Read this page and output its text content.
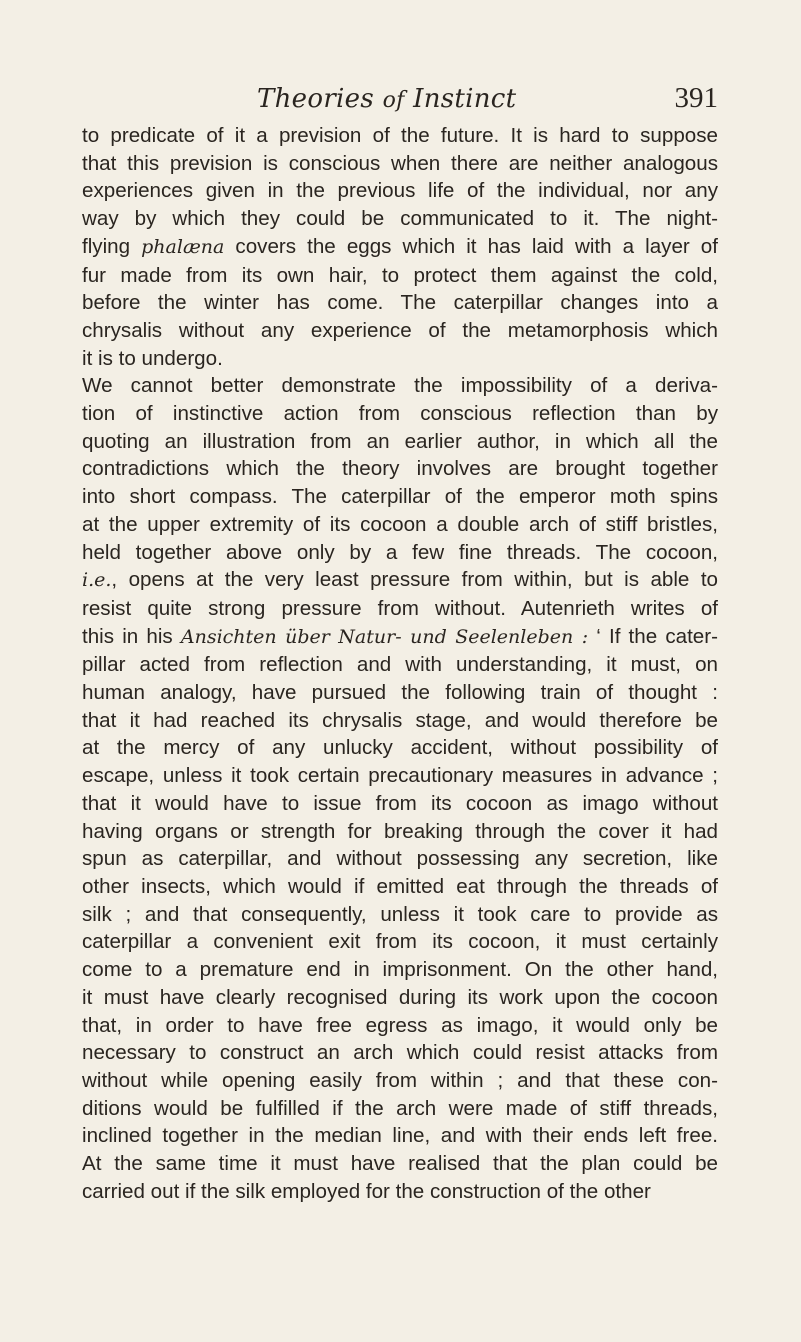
Theories of Instinct	391
to predicate of it a prevision of the future. It is hard to suppose
that this prevision is conscious when there are neither analogous
experiences given in the previous life of the individual, nor any
way by which they could be communicated to it. The night-
flying phalæna covers the eggs which it has laid with a layer of
fur made from its own hair, to protect them against the cold,
before the winter has come. The caterpillar changes into a
chrysalis without any experience of the metamorphosis which
it is to undergo.
We cannot better demonstrate the impossibility of a deriva-
tion of instinctive action from conscious reflection than by
quoting an illustration from an earlier author, in which all the
contradictions which the theory involves are brought together
into short compass. The caterpillar of the emperor moth spins
at the upper extremity of its cocoon a double arch of stiff bristles,
held together above only by a few fine threads. The cocoon,
i.e., opens at the very least pressure from within, but is able to
resist quite strong pressure from without. Autenrieth writes of
this in his Ansichten über Natur- und Seelenleben : ‘ If the cater-
pillar acted from reflection and with understanding, it must, on
human analogy, have pursued the following train of thought :
that it had reached its chrysalis stage, and would therefore be
at the mercy of any unlucky accident, without possibility of
escape, unless it took certain precautionary measures in advance ;
that it would have to issue from its cocoon as imago without
having organs or strength for breaking through the cover it had
spun as caterpillar, and without possessing any secretion, like
other insects, which would if emitted eat through the threads of
silk ; and that consequently, unless it took care to provide as
caterpillar a convenient exit from its cocoon, it must certainly
come to a premature end in imprisonment. On the other hand,
it must have clearly recognised during its work upon the cocoon
that, in order to have free egress as imago, it would only be
necessary to construct an arch which could resist attacks from
without while opening easily from within ; and that these con-
ditions would be fulfilled if the arch were made of stiff threads,
inclined together in the median line, and with their ends left free.
At the same time it must have realised that the plan could be
carried out if the silk employed for the construction of the other
